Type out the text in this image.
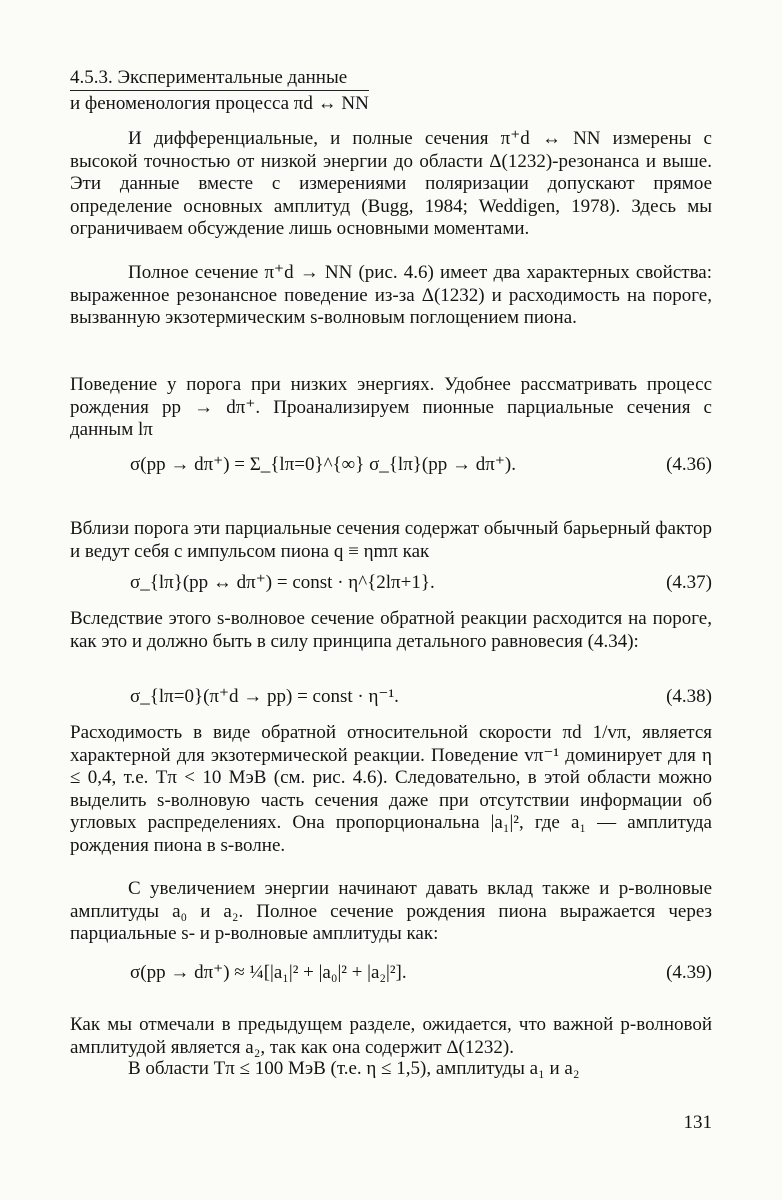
4.5.3. Экспериментальные данные
и феноменология процесса πd ↔ NN
И дифференциальные, и полные сечения π⁺d ↔ NN измерены с высокой точностью от низкой энергии до области Δ(1232)-резонанса и выше. Эти данные вместе с измерениями поляризации допускают прямое определение основных амплитуд (Bugg, 1984; Weddigen, 1978). Здесь мы ограничиваем обсуждение лишь основными моментами.
Полное сечение π⁺d → NN (рис. 4.6) имеет два характерных свойства: выраженное резонансное поведение из-за Δ(1232) и расходимость на пороге, вызванную экзотермическим s-волновым поглощением пиона.
Поведение у порога при низких энергиях. Удобнее рассматривать процесс рождения pp → dπ⁺. Проанализируем пионные парциальные сечения с данным lπ
σ(pp → dπ⁺) = Σ_{lπ=0}^{∞} σ_{lπ}(pp → dπ⁺).	(4.36)
Вблизи порога эти парциальные сечения содержат обычный барьерный фактор и ведут себя с импульсом пиона q ≡ ηmπ как
σ_{lπ}(pp ↔ dπ⁺) = const · η^{2lπ+1}.	(4.37)
Вследствие этого s-волновое сечение обратной реакции расходится на пороге, как это и должно быть в силу принципа детального равновесия (4.34):
σ_{lπ=0}(π⁺d → pp) = const · η⁻¹.	(4.38)
Расходимость в виде обратной относительной скорости πd 1/vπ, является характерной для экзотермической реакции. Поведение vπ⁻¹ доминирует для η ≤ 0,4, т.е. Tπ < 10 МэВ (см. рис. 4.6). Следовательно, в этой области можно выделить s-волновую часть сечения даже при отсутствии информации об угловых распределениях. Она пропорциональна |a₁|², где a₁ — амплитуда рождения пиона в s-волне.
С увеличением энергии начинают давать вклад также и p-волновые амплитуды a₀ и a₂. Полное сечение рождения пиона выражается через парциальные s- и p-волновые амплитуды как:
σ(pp → dπ⁺) ≈ ¼[|a₁|² + |a₀|² + |a₂|²].	(4.39)
Как мы отмечали в предыдущем разделе, ожидается, что важной p-волновой амплитудой является a₂, так как она содержит Δ(1232).
В области Tπ ≤ 100 МэВ (т.е. η ≤ 1,5), амплитуды a₁ и a₂
131
